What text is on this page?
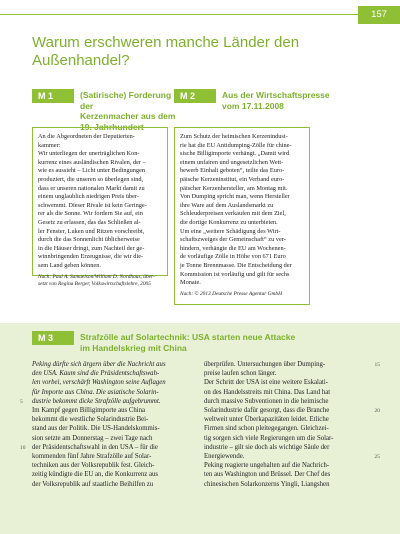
157
Warum erschweren manche Länder den
Außenhandel?
M 1	(Satirische) Forderung der
Kerzenmacher aus dem
19. Jahrhundert

An die Abgeordneten der Deputierten-

kammer:

Wir unterliegen der unerträglichen Kon-

kurrenz eines ausländischen Rivalen, der –

wie es aussieht – Licht unter Bedingungen

produziert, die unseren so überlegen sind,

dass er unseren nationalen Markt damit zu

einem unglaublich niedrigen Preis über-

schwemmt. Dieser Rivale ist kein Geringe-

rer als die Sonne. Wir fordern Sie auf, ein

Gesetz zu erlassen, das das Schließen al-

ler Fenster, Luken und Ritzen vorschreibt,

durch die das Sonnenlicht üblicherweise

in die Häuser dringt, zum Nachteil der ge-

winnbringenden Erzeugnisse, die wir die-

sem Land geben können.

Nach: Paul A. Samuelson/William D. Nordhaus, über-
setzt von Regina Berger, Volkswirtschaftslehre, 2005

M 2	Aus der Wirtschaftspresse
vom 17.11.2008

Zum Schutz der heimischen Kerzenindust-

rie hat die EU Antidumping-Zölle für chine-

sische Billigimporte verhängt. „Damit wird

einem unfairen und ungesetzlichen Wett-

bewerb Einhalt geboten“, teilte das Euro-

päische Kerzeninstitut, ein Verband euro-

päischer Kerzenhersteller, am Montag mit.

Von Dumping spricht man, wenn Hersteller

ihre Ware auf dem Auslandsmarkt zu

Schleuderpreisen verkaufen mit dem Ziel,

die dortige Konkurrenz zu unterbieten.

Um eine „weitere Schädigung des Wirt-

schaftszweiges der Gemeinschaft“ zu ver-

hindern, verhängte die EU am Wochenen-

de vorläufige Zölle in Höhe von 671 Euro

je Tonne Brennmasse. Die Entscheidung der

Kommission ist vorläufig und gilt für sechs

Monate.

Nach: © 2013 Deutsche Presse Agentur GmbH

M 3	Strafzölle auf Solartechnik: USA starten neue Attacke
im Handelskrieg mit China

Peking dürfte sich ärgern über die Nachricht aus

den USA. Kaum sind die Präsidentschaftswah-

len vorbei, verschärft Washington seine Auflagen

für Importe aus China. Die asiatische Solarin-

dustrie bekommt dicke Strafzölle aufgebrummt.
5

Im Kampf gegen Billigimporte aus China

bekommt die westliche Solarindustrie Bei-

stand aus der Politik. Die US-Handelskommis-

sion setzte am Donnerstag – zwei Tage nach

der Präsidentschaftswahl in den USA – für die
10

kommenden fünf Jahre Strafzölle auf Solar-

techniken aus der Volksrepublik fest. Gleich-

zeitig kündigte die EU an, die Konkurrenz aus

der Volksrepublik auf staatliche Beihilfen zu

überprüfen. Untersuchungen über Dumping-	15

preise laufen schon länger.

Der Schritt der USA ist eine weitere Eskalati-

on des Handelsstreits mit China. Das Land hat

durch massive Subventionen in die heimische

Solarindustrie dafür gesorgt, dass die Branche	20

weltweit unter Überkapazitäten leidet. Etliche

Firmen sind schon pleitegegangen. Gleichzei-

tig sorgen sich viele Regierungen um die Solar-

industrie – gilt sie doch als wichtige Säule der

Energiewende.	25

Peking reagierte ungehalten auf die Nachrich-

ten aus Washington und Brüssel. Der Chef des

chinesischen Solarkonzerns Yingli, Liangshen
